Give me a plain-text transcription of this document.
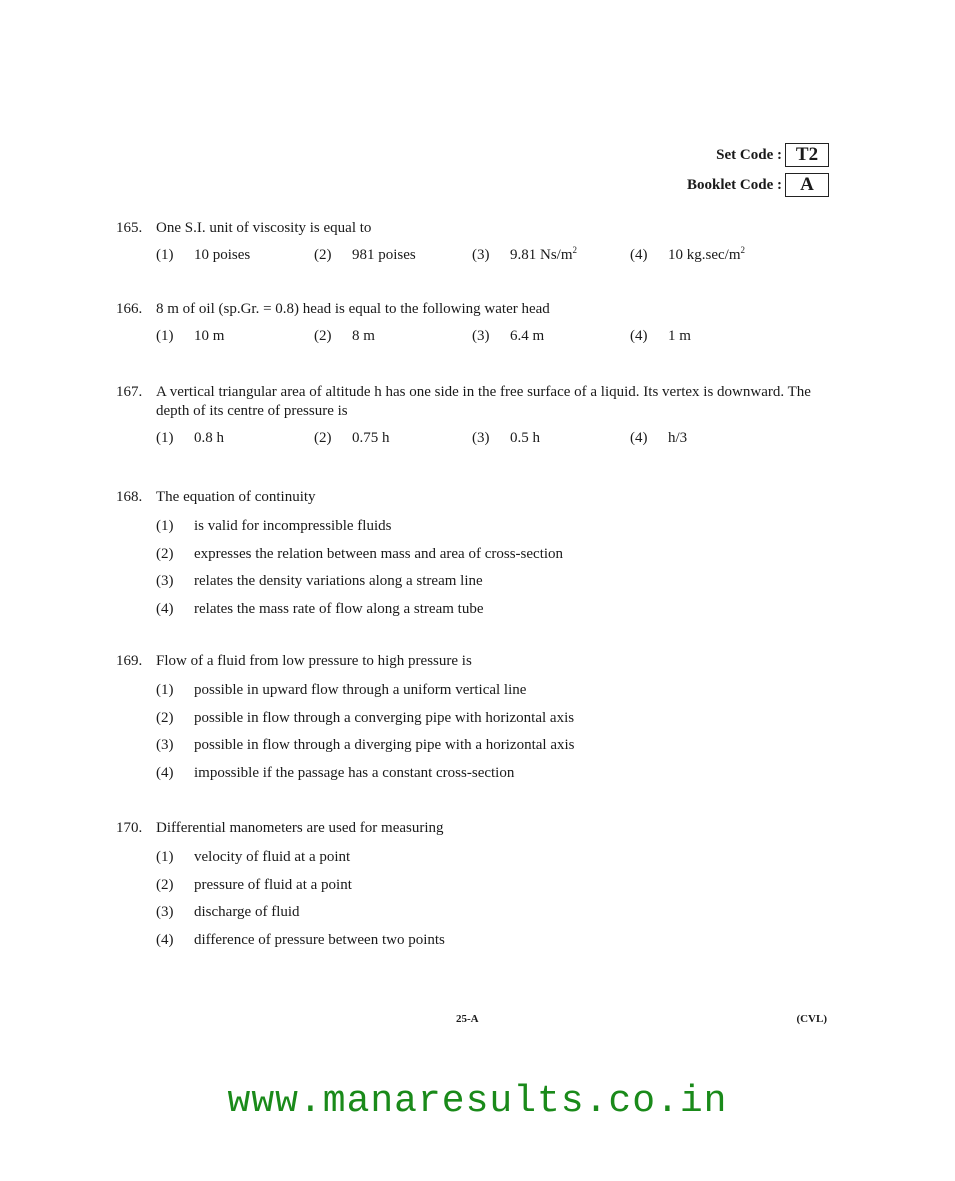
Set Code : T2
Booklet Code : A
165. One S.I. unit of viscosity is equal to
(1)	10 poises	(2)	981 poises	(3)	9.81 $Ns/m^2$	(4)	10 $kg.\sec/m^2$
166. 8 m of oil (sp.Gr. = 0.8) head is equal to the following water head
(1)	10 m	(2)	8 m	(3)	6.4 m	(4)	1 m
167. A vertical triangular area of altitude h has one side in the free surface of a liquid. Its vertex is downward. The depth of its centre of pressure is
(1)	0.8 h	(2)	0.75 h	(3)	0.5 h	(4)	h/3
168. The equation of continuity
(1)	is valid for incompressible fluids
(2)	expresses the relation between mass and area of cross-section
(3)	relates the density variations along a stream line
(4)	relates the mass rate of flow along a stream tube
169. Flow of a fluid from low pressure to high pressure is
(1)	possible in upward flow through a uniform vertical line
(2)	possible in flow through a converging pipe with horizontal axis
(3)	possible in flow through a diverging pipe with a horizontal axis
(4)	impossible if the passage has a constant cross-section
170. Differential manometers are used for measuring
(1)	velocity of fluid at a point
(2)	pressure of fluid at a point
(3)	discharge of fluid
(4)	difference of pressure between two points
25-A	(CVL)
www.manaresults.co.in
